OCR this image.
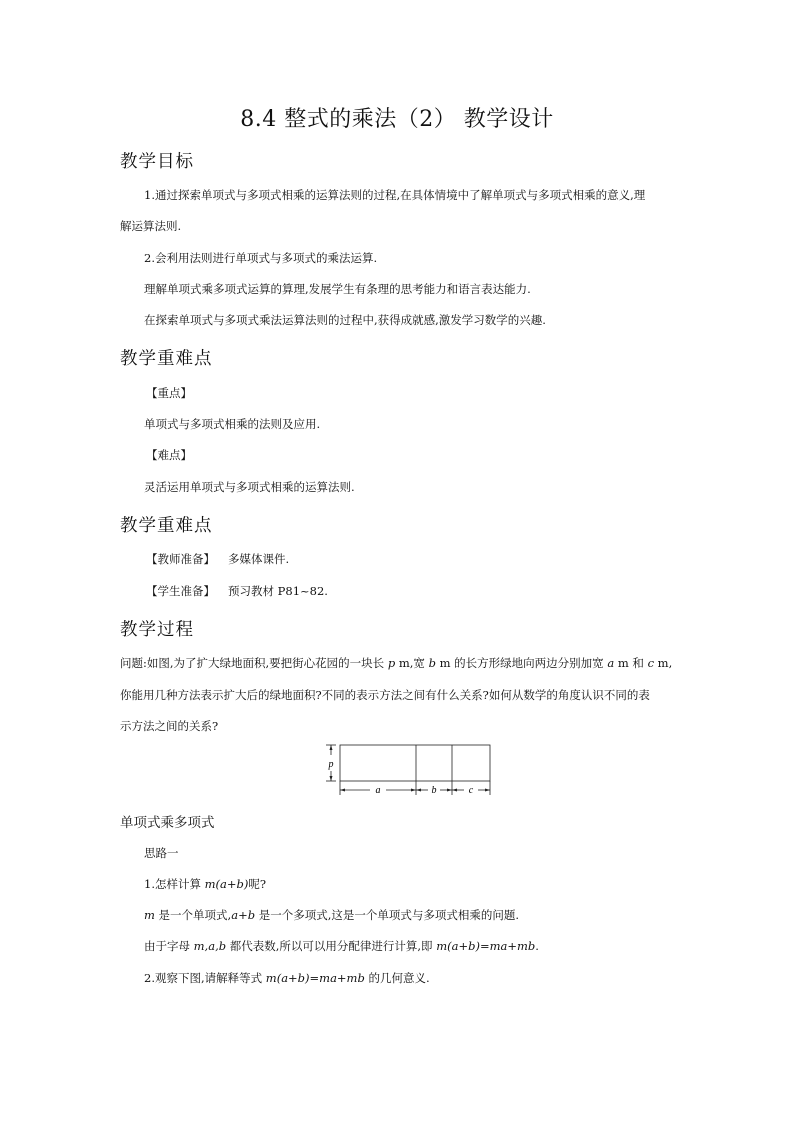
8.4 整式的乘法（2） 教学设计
教学目标
1.通过探索单项式与多项式相乘的运算法则的过程,在具体情境中了解单项式与多项式相乘的意义,理
解运算法则.
2.会利用法则进行单项式与多项式的乘法运算.
理解单项式乘多项式运算的算理,发展学生有条理的思考能力和语言表达能力.
在探索单项式与多项式乘法运算法则的过程中,获得成就感,激发学习数学的兴趣.
教学重难点
【重点】
单项式与多项式相乘的法则及应用.
【难点】
灵活运用单项式与多项式相乘的运算法则.
教学重难点
【教师准备】 多媒体课件.
【学生准备】 预习教材 P81~82.
教学过程
问题:如图,为了扩大绿地面积,要把街心花园的一块长 p m,宽 b m 的长方形绿地向两边分别加宽 a m 和 c m,
你能用几种方法表示扩大后的绿地面积?不同的表示方法之间有什么关系?如何从数学的角度认识不同的表
示方法之间的关系?
p
a	b	c
单项式乘多项式
思路一
1.怎样计算 m(a+b)呢?
m 是一个单项式,a+b 是一个多项式,这是一个单项式与多项式相乘的问题.
由于字母 m,a,b 都代表数,所以可以用分配律进行计算,即 m(a+b)=ma+mb.
2.观察下图,请解释等式 m(a+b)=ma+mb 的几何意义.
